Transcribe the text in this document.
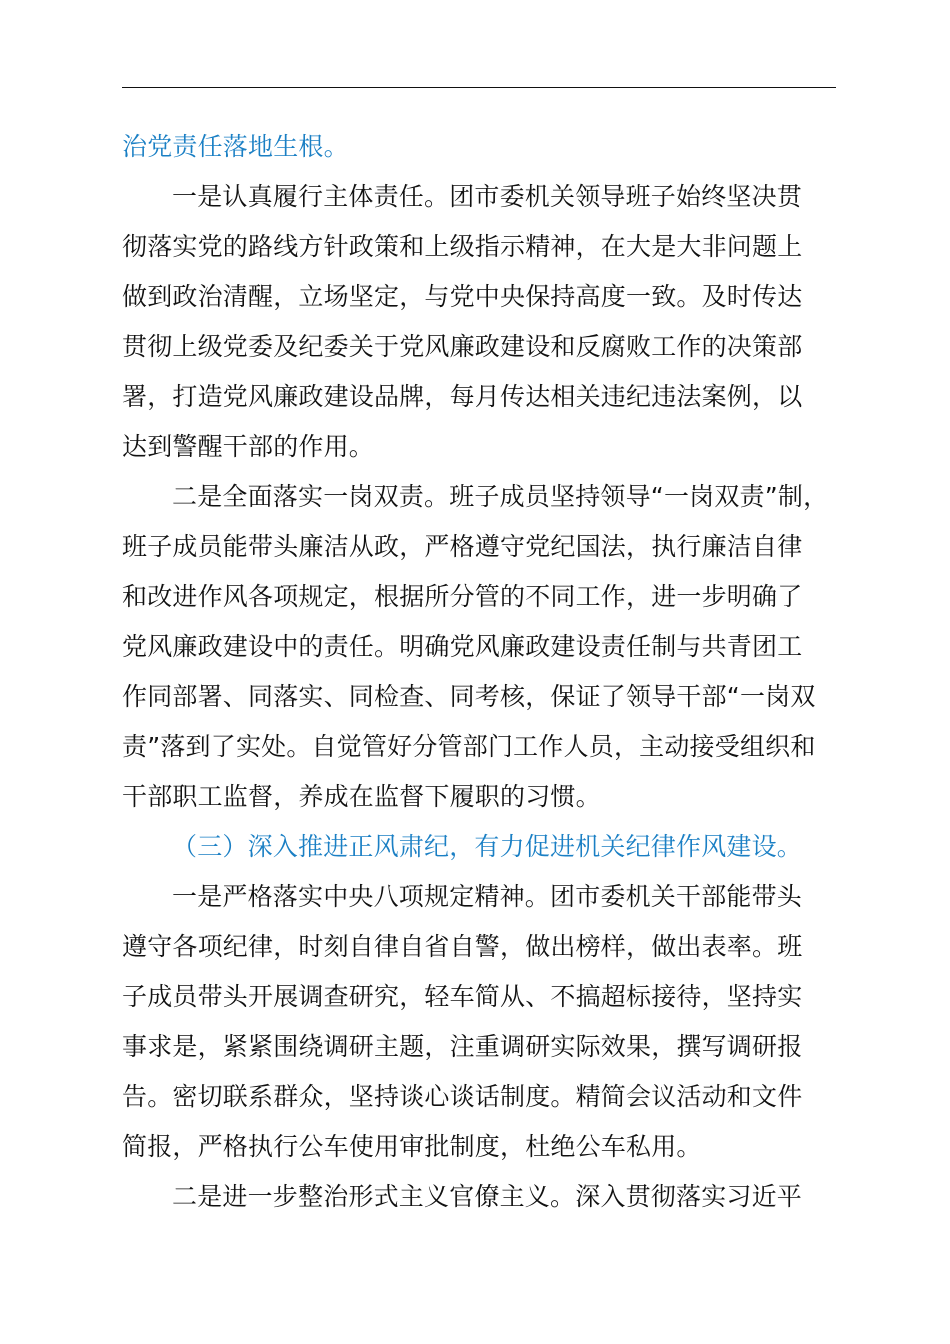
治党责任落地生根。
一是认真履行主体责任。团市委机关领导班子始终坚决贯
彻落实党的路线方针政策和上级指示精神，在大是大非问题上
做到政治清醒，立场坚定，与党中央保持高度一致。及时传达
贯彻上级党委及纪委关于党风廉政建设和反腐败工作的决策部
署，打造党风廉政建设品牌，每月传达相关违纪违法案例，以
达到警醒干部的作用。
二是全面落实一岗双责。班子成员坚持领导“一岗双责”制，
班子成员能带头廉洁从政，严格遵守党纪国法，执行廉洁自律
和改进作风各项规定，根据所分管的不同工作，进一步明确了
党风廉政建设中的责任。明确党风廉政建设责任制与共青团工
作同部署、同落实、同检查、同考核，保证了领导干部“一岗双
责”落到了实处。自觉管好分管部门工作人员，主动接受组织和
干部职工监督，养成在监督下履职的习惯。
（三）深入推进正风肃纪，有力促进机关纪律作风建设。
一是严格落实中央八项规定精神。团市委机关干部能带头
遵守各项纪律，时刻自律自省自警，做出榜样，做出表率。班
子成员带头开展调查研究，轻车简从、不搞超标接待，坚持实
事求是，紧紧围绕调研主题，注重调研实际效果，撰写调研报
告。密切联系群众，坚持谈心谈话制度。精简会议活动和文件
简报，严格执行公车使用审批制度，杜绝公车私用。
二是进一步整治形式主义官僚主义。深入贯彻落实习近平
